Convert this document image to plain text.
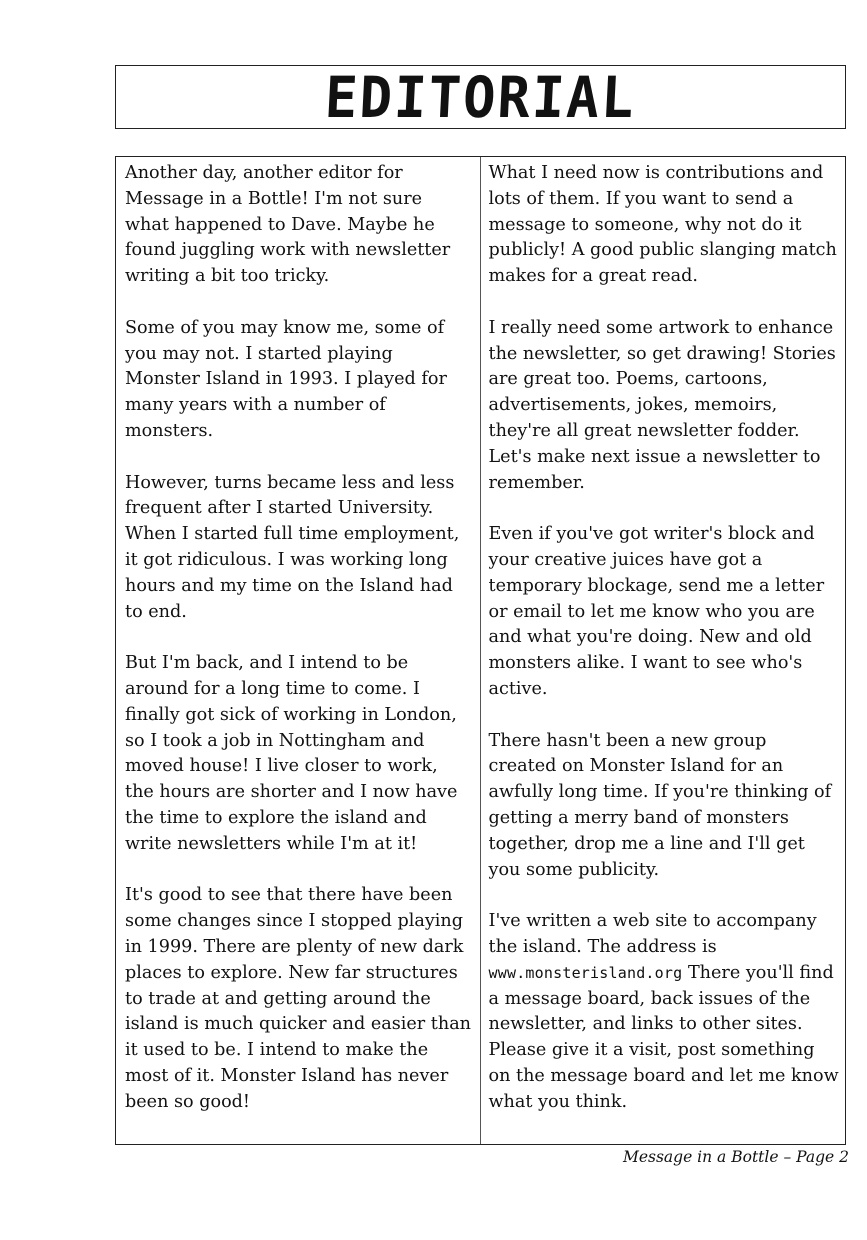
EDITORIAL

Another day, another editor for Message in a Bottle! I'm not sure what happened to Dave. Maybe he found juggling work with newsletter writing a bit too tricky.

Some of you may know me, some of you may not. I started playing Monster Island in 1993. I played for many years with a number of monsters.

However, turns became less and less frequent after I started University. When I started full time employment, it got ridiculous. I was working long hours and my time on the Island had to end.

But I'm back, and I intend to be around for a long time to come. I finally got sick of working in London, so I took a job in Nottingham and moved house! I live closer to work, the hours are shorter and I now have the time to explore the island and write newsletters while I'm at it!

It's good to see that there have been some changes since I stopped playing in 1999. There are plenty of new dark places to explore. New far structures to trade at and getting around the island is much quicker and easier than it used to be. I intend to make the most of it. Monster Island has never been so good!

What I need now is contributions and lots of them. If you want to send a message to someone, why not do it publicly! A good public slanging match makes for a great read.

I really need some artwork to enhance the newsletter, so get drawing! Stories are great too. Poems, cartoons, advertisements, jokes, memoirs, they're all great newsletter fodder. Let's make next issue a newsletter to remember.

Even if you've got writer's block and your creative juices have got a temporary blockage, send me a letter or email to let me know who you are and what you're doing. New and old monsters alike. I want to see who's active.

There hasn't been a new group created on Monster Island for an awfully long time. If you're thinking of getting a merry band of monsters together, drop me a line and I'll get you some publicity.

I've written a web site to accompany the island. The address is www.monsterisland.org There you'll find a message board, back issues of the newsletter, and links to other sites. Please give it a visit, post something on the message board and let me know what you think.

Message in a Bottle – Page 2
